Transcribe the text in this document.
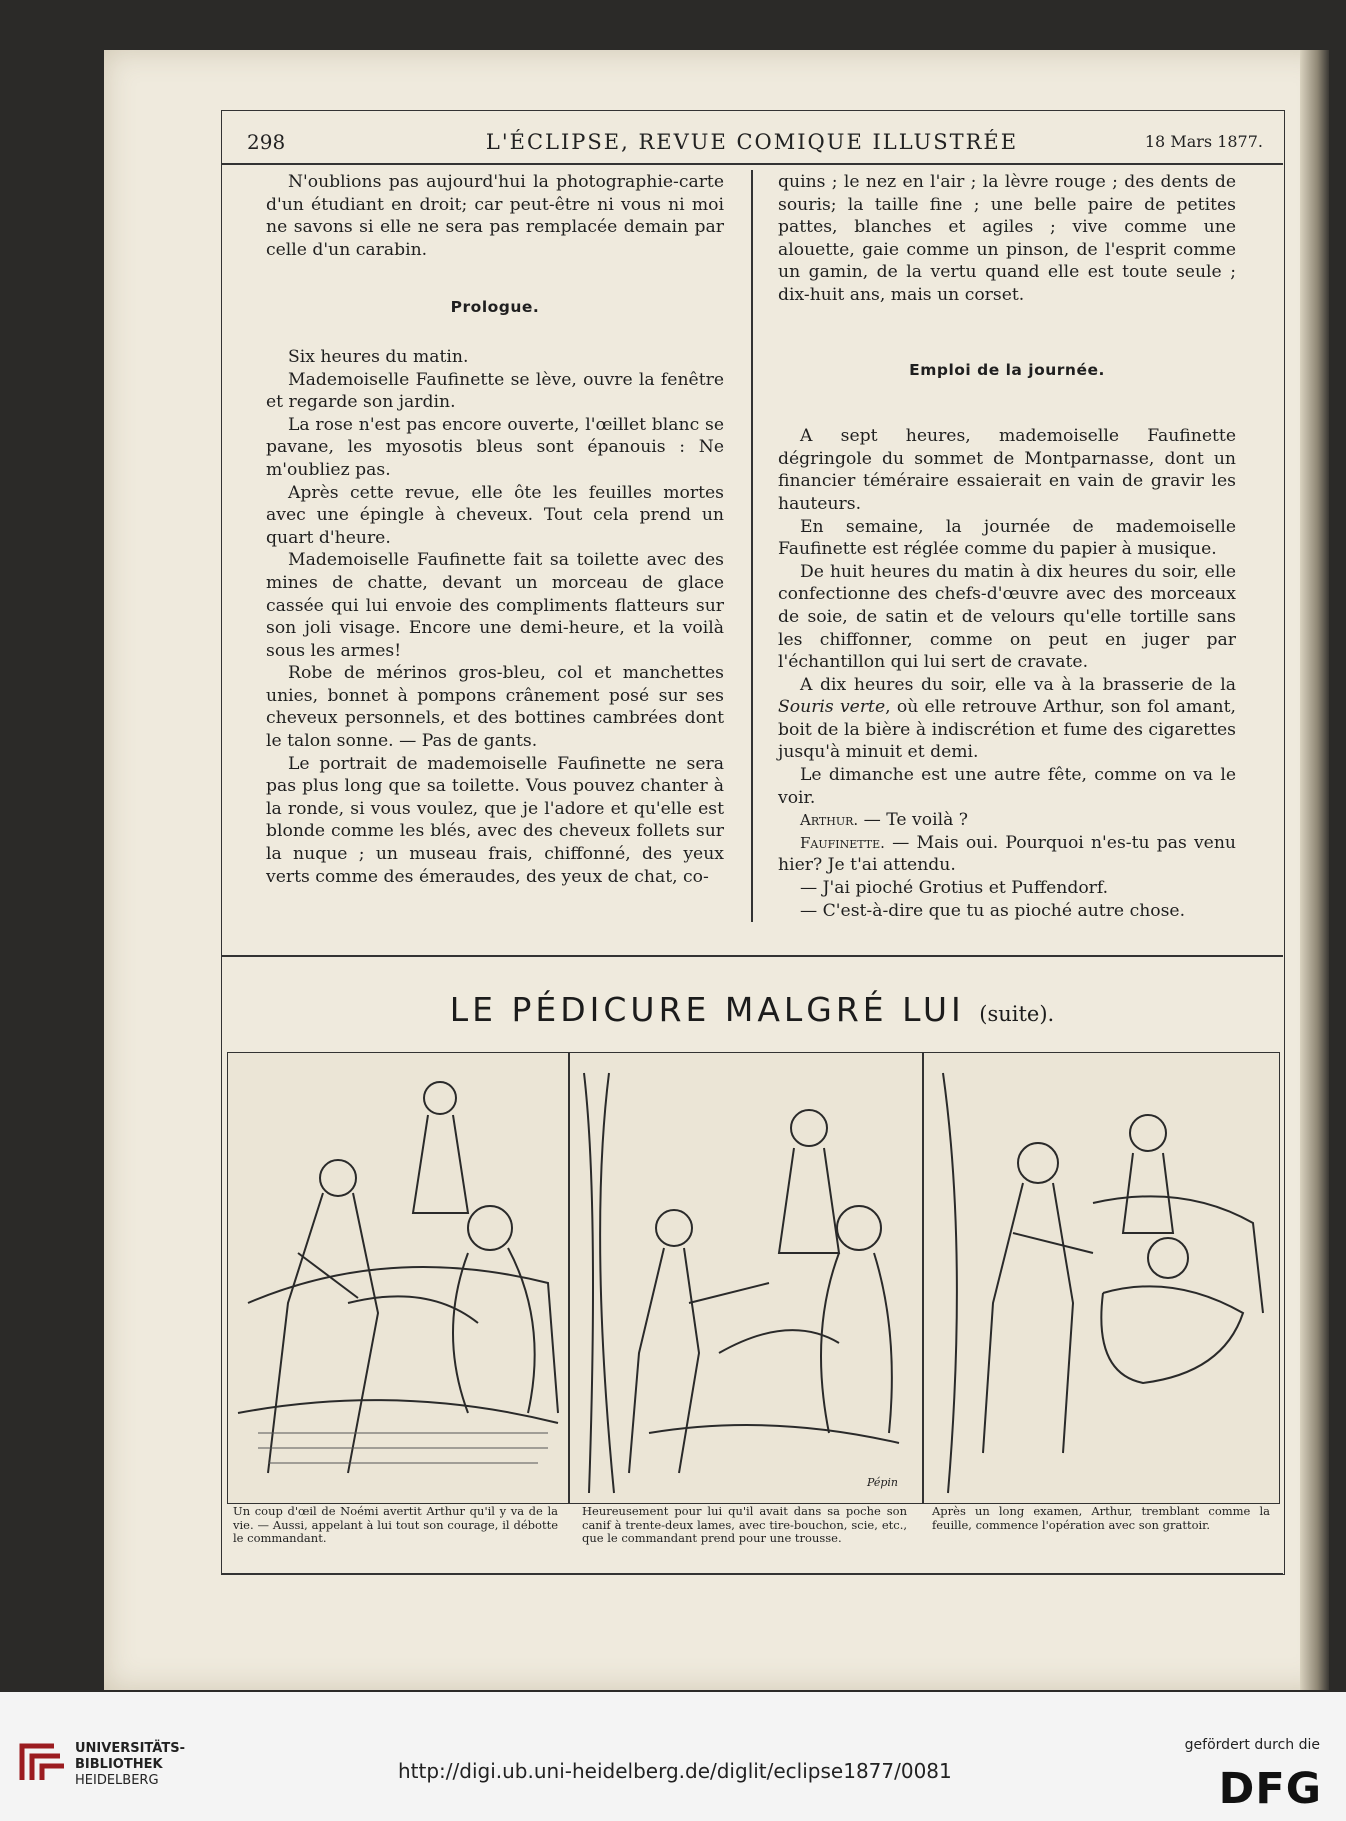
298	L'ÉCLIPSE, REVUE COMIQUE ILLUSTRÉE	18 Mars 1877.

N'oublions pas aujourd'hui la photographie-carte d'un étudiant en droit; car peut-être ni vous ni moi ne savons si elle ne sera pas remplacée demain par celle d'un carabin.

Prologue.

Six heures du matin.

Mademoiselle Faufinette se lève, ouvre la fenêtre et regarde son jardin.

La rose n'est pas encore ouverte, l'œillet blanc se pavane, les myosotis bleus sont épanouis : Ne m'oubliez pas.

Après cette revue, elle ôte les feuilles mortes avec une épingle à cheveux. Tout cela prend un quart d'heure.

Mademoiselle Faufinette fait sa toilette avec des mines de chatte, devant un morceau de glace cassée qui lui envoie des compliments flatteurs sur son joli visage. Encore une demi-heure, et la voilà sous les armes!

Robe de mérinos gros-bleu, col et manchettes unies, bonnet à pompons crânement posé sur ses cheveux personnels, et des bottines cambrées dont le talon sonne. — Pas de gants.

Le portrait de mademoiselle Faufinette ne sera pas plus long que sa toilette. Vous pouvez chanter à la ronde, si vous voulez, que je l'adore et qu'elle est blonde comme les blés, avec des cheveux follets sur la nuque ; un museau frais, chiffonné, des yeux verts comme des émeraudes, des yeux de chat, co-

quins ; le nez en l'air ; la lèvre rouge ; des dents de souris; la taille fine ; une belle paire de petites pattes, blanches et agiles ; vive comme une alouette, gaie comme un pinson, de l'esprit comme un gamin, de la vertu quand elle est toute seule ; dix-huit ans, mais un corset.

Emploi de la journée.

A sept heures, mademoiselle Faufinette dégringole du sommet de Montparnasse, dont un financier téméraire essaierait en vain de gravir les hauteurs.

En semaine, la journée de mademoiselle Faufinette est réglée comme du papier à musique.

De huit heures du matin à dix heures du soir, elle confectionne des chefs-d'œuvre avec des morceaux de soie, de satin et de velours qu'elle tortille sans les chiffonner, comme on peut en juger par l'échantillon qui lui sert de cravate.

A dix heures du soir, elle va à la brasserie de la Souris verte, où elle retrouve Arthur, son fol amant, boit de la bière à indiscrétion et fume des cigarettes jusqu'à minuit et demi.

Le dimanche est une autre fête, comme on va le voir.

Arthur. — Te voilà ?

Faufinette. — Mais oui. Pourquoi n'es-tu pas venu hier? Je t'ai attendu.

— J'ai pioché Grotius et Puffendorf.

— C'est-à-dire que tu as pioché autre chose.

LE PÉDICURE MALGRÉ LUI (suite).
Pépin
Un coup d'œil de Noémi avertit Arthur qu'il y va de la vie. — Aussi, appelant à lui tout son courage, il débotte le commandant.
Heureusement pour lui qu'il avait dans sa poche son canif à trente-deux lames, avec tire-bouchon, scie, etc., que le commandant prend pour une trousse.
Après un long examen, Arthur, tremblant comme la feuille, commence l'opération avec son grattoir.
UNIVERSITÄTS-
BIBLIOTHEK
HEIDELBERG	http://digi.ub.uni-heidelberg.de/diglit/eclipse1877/0081
gefördert durch die
DFG
